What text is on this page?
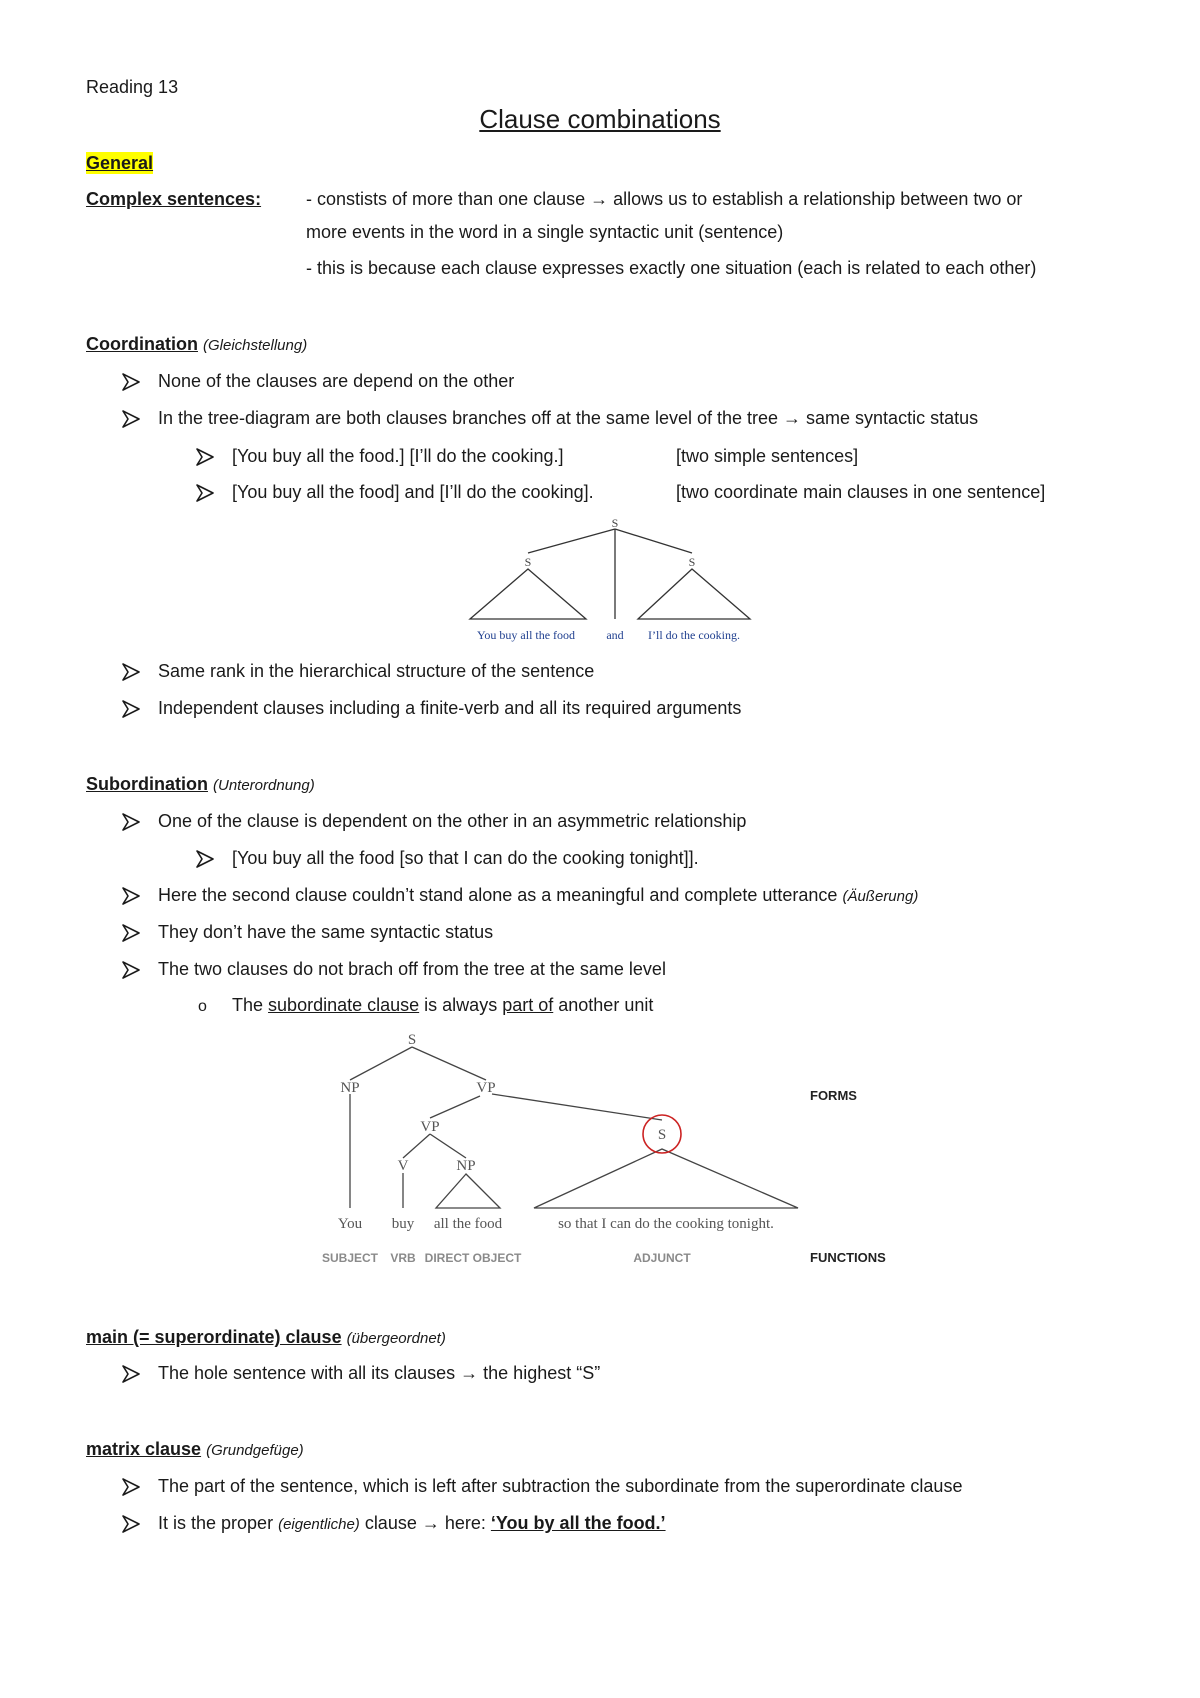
Reading 13
Clause combinations
General
Complex sentences: - constists of more than one clause → allows us to establish a relationship between two or
more events in the word in a single syntactic unit (sentence)
- this is because each clause expresses exactly one situation (each is related to each other)
Coordination (Gleichstellung)
None of the clauses are depend on the other
In the tree-diagram are both clauses branches off at the same level of the tree → same syntactic status
[You buy all the food.] [I’ll do the cooking.]	[two simple sentences]
[You buy all the food] and [I’ll do the cooking].	[two coordinate main clauses in one sentence]
S
S	S
You buy all the food	and I’ll do the cooking.
Same rank in the hierarchical structure of the sentence
Independent clauses including a finite-verb and all its required arguments
Subordination (Unterordnung)
One of the clause is dependent on the other in an asymmetric relationship
[You buy all the food [so that I can do the cooking tonight]].
Here the second clause couldn’t stand alone as a meaningful and complete utterance (Äußerung)
They don’t have the same syntactic status
The two clauses do not brach off from the tree at the same level
o The subordinate clause is always part of another unit
S
NP	VP
VP	S
V	NP
You buy all the food	so that I can do the cooking tonight.
SUBJECT VRB DIRECT OBJECT	ADJUNCT
FORMS
FUNCTIONS
main (= superordinate) clause (übergeordnet)
The hole sentence with all its clauses → the highest “S”
matrix clause (Grundgefüge)
The part of the sentence, which is left after subtraction the subordinate from the superordinate clause
It is the proper (eigentliche) clause → here: ‘You by all the food.’
